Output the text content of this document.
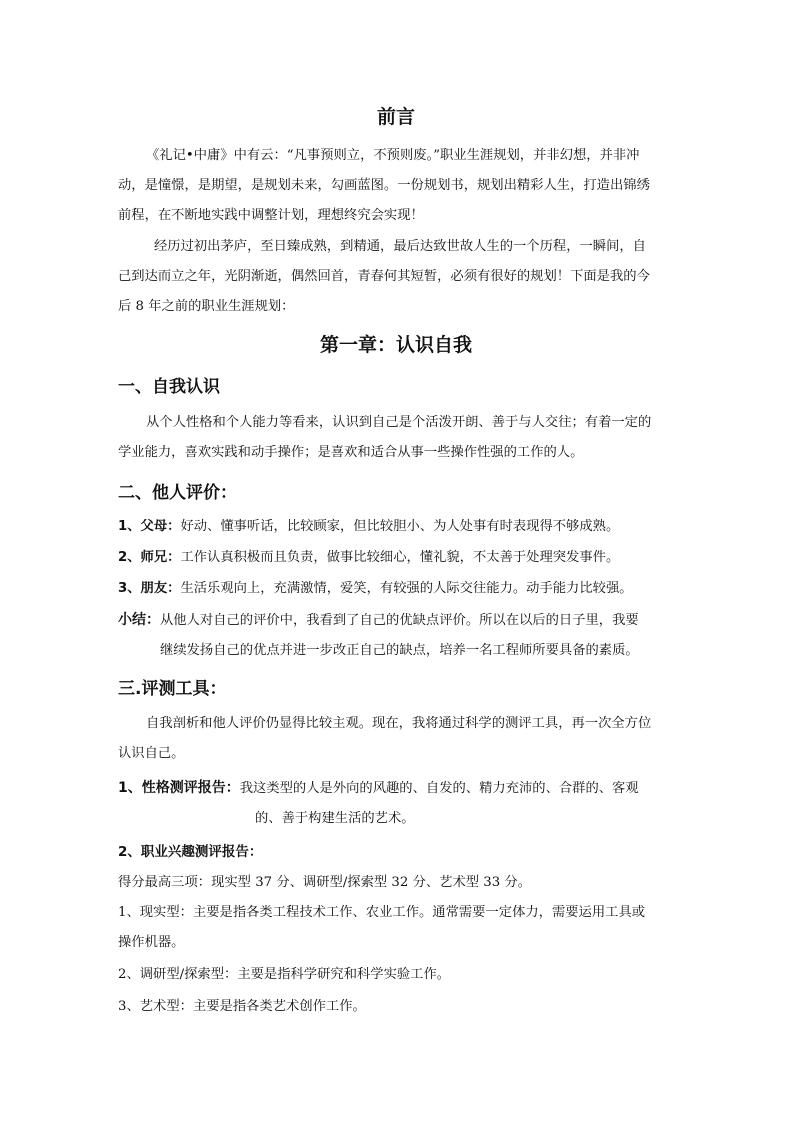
前言
《礼记•中庸》中有云：“凡事预则立，不预则废。”职业生涯规划，并非幻想，并非冲
动，是憧憬，是期望，是规划未来，勾画蓝图。一份规划书，规划出精彩人生，打造出锦绣
前程，在不断地实践中调整计划，理想终究会实现！
经历过初出茅庐，至日臻成熟，到精通，最后达致世故人生的一个历程，一瞬间，自
己到达而立之年，光阴渐逝，偶然回首，青春何其短暂，必须有很好的规划！下面是我的今
后 8 年之前的职业生涯规划：
第一章：认识自我
一、自我认识
从个人性格和个人能力等看来，认识到自己是个活泼开朗、善于与人交往；有着一定的
学业能力，喜欢实践和动手操作；是喜欢和适合从事一些操作性强的工作的人。
二、他人评价：
1、父母：好动、懂事听话，比较顾家，但比较胆小、为人处事有时表现得不够成熟。
2、师兄：工作认真积极而且负责，做事比较细心，懂礼貌，不太善于处理突发事件。
3、朋友：生活乐观向上，充满激情，爱笑，有较强的人际交往能力。动手能力比较强。
小结：从他人对自己的评价中，我看到了自己的优缺点评价。所以在以后的日子里，我要
继续发扬自己的优点并进一步改正自己的缺点，培养一名工程师所要具备的素质。
三.评测工具：
自我剖析和他人评价仍显得比较主观。现在，我将通过科学的测评工具，再一次全方位
认识自己。
1、性格测评报告：我这类型的人是外向的风趣的、自发的、精力充沛的、合群的、客观
的、善于构建生活的艺术。
2、职业兴趣测评报告：
得分最高三项：现实型 37 分、调研型/探索型 32 分、艺术型 33 分。
1、现实型：主要是指各类工程技术工作、农业工作。通常需要一定体力，需要运用工具或
操作机器。
2、调研型/探索型：主要是指科学研究和科学实验工作。
3、艺术型：主要是指各类艺术创作工作。
